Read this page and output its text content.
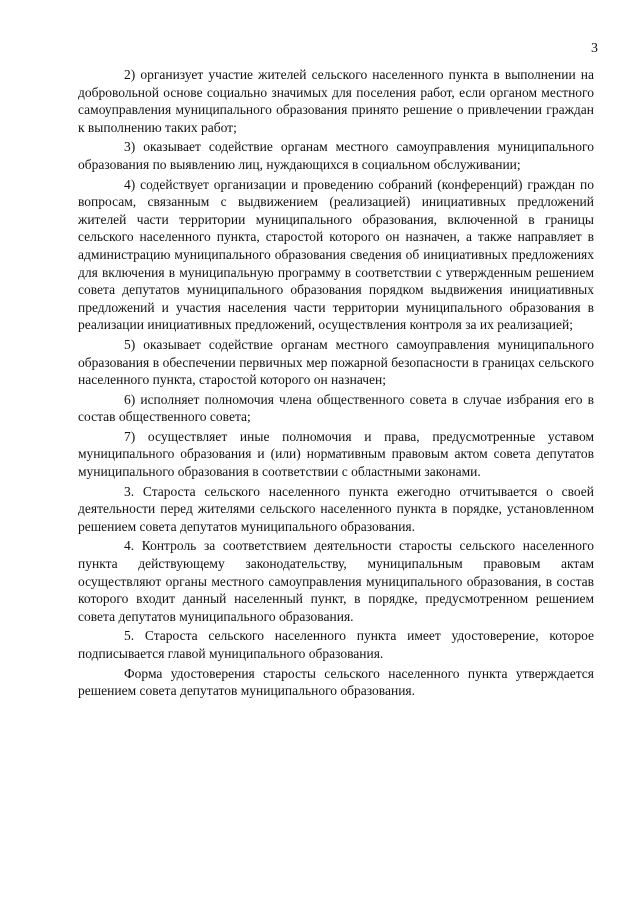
3

2) организует участие жителей сельского населенного пункта в выполнении на добровольной основе социально значимых для поселения работ, если органом местного самоуправления муниципального образования принято решение о привлечении граждан к выполнению таких работ;

3) оказывает содействие органам местного самоуправления муниципального образования по выявлению лиц, нуждающихся в социальном обслуживании;

4) содействует организации и проведению собраний (конференций) граждан по вопросам, связанным с выдвижением (реализацией) инициативных предложений жителей части территории муниципального образования, включенной в границы сельского населенного пункта, старостой которого он назначен, а также направляет в администрацию муниципального образования сведения об инициативных предложениях для включения в муниципальную программу в соответствии с утвержденным решением совета депутатов муниципального образования порядком выдвижения инициативных предложений и участия населения части территории муниципального образования в реализации инициативных предложений, осуществления контроля за их реализацией;

5) оказывает содействие органам местного самоуправления муниципального образования в обеспечении первичных мер пожарной безопасности в границах сельского населенного пункта, старостой которого он назначен;

6) исполняет полномочия члена общественного совета в случае избрания его в состав общественного совета;

7) осуществляет иные полномочия и права, предусмотренные уставом муниципального образования и (или) нормативным правовым актом совета депутатов муниципального образования в соответствии с областными законами.

3. Староста сельского населенного пункта ежегодно отчитывается о своей деятельности перед жителями сельского населенного пункта в порядке, установленном решением совета депутатов муниципального образования.

4. Контроль за соответствием деятельности старосты сельского населенного пункта действующему законодательству, муниципальным правовым актам осуществляют органы местного самоуправления муниципального образования, в состав которого входит данный населенный пункт, в порядке, предусмотренном решением совета депутатов муниципального образования.

5. Староста сельского населенного пункта имеет удостоверение, которое подписывается главой муниципального образования.

Форма удостоверения старосты сельского населенного пункта утверждается решением совета депутатов муниципального образования.
